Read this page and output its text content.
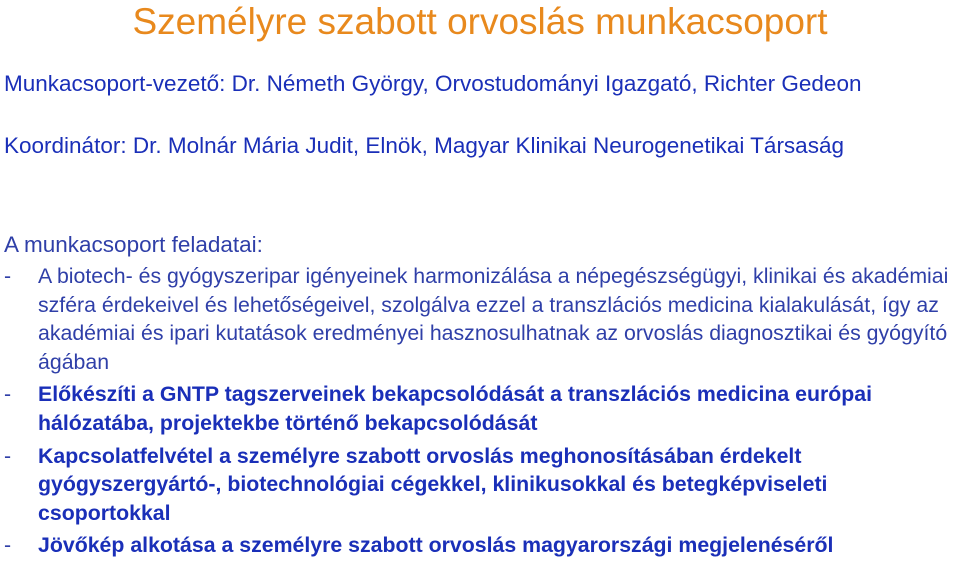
Személyre szabott orvoslás munkacsoport

Munkacsoport-vezető: Dr. Németh György, Orvostudományi Igazgató, Richter Gedeon

Koordinátor: Dr. Molnár Mária Judit, Elnök, Magyar Klinikai Neurogenetikai Társaság

A munkacsoport feladatai:

- A biotech- és gyógyszeripar igényeinek harmonizálása a népegészségügyi, klinikai és akadémiai szféra érdekeivel és lehetőségeivel, szolgálva ezzel a transzlációs medicina kialakulását, így az akadémiai és ipari kutatások eredményei hasznosulhatnak az orvoslás diagnosztikai és gyógyító ágában
- Előkészíti a GNTP tagszerveinek bekapcsolódását a transzlációs medicina európai hálózatába, projektekbe történő bekapcsolódását
- Kapcsolatfelvétel a személyre szabott orvoslás meghonosításában érdekelt gyógyszergyártó-, biotechnológiai cégekkel, klinikusokkal és betegképviseleti csoportokkal
- Jövőkép alkotása a személyre szabott orvoslás magyarországi megjelenéséről
